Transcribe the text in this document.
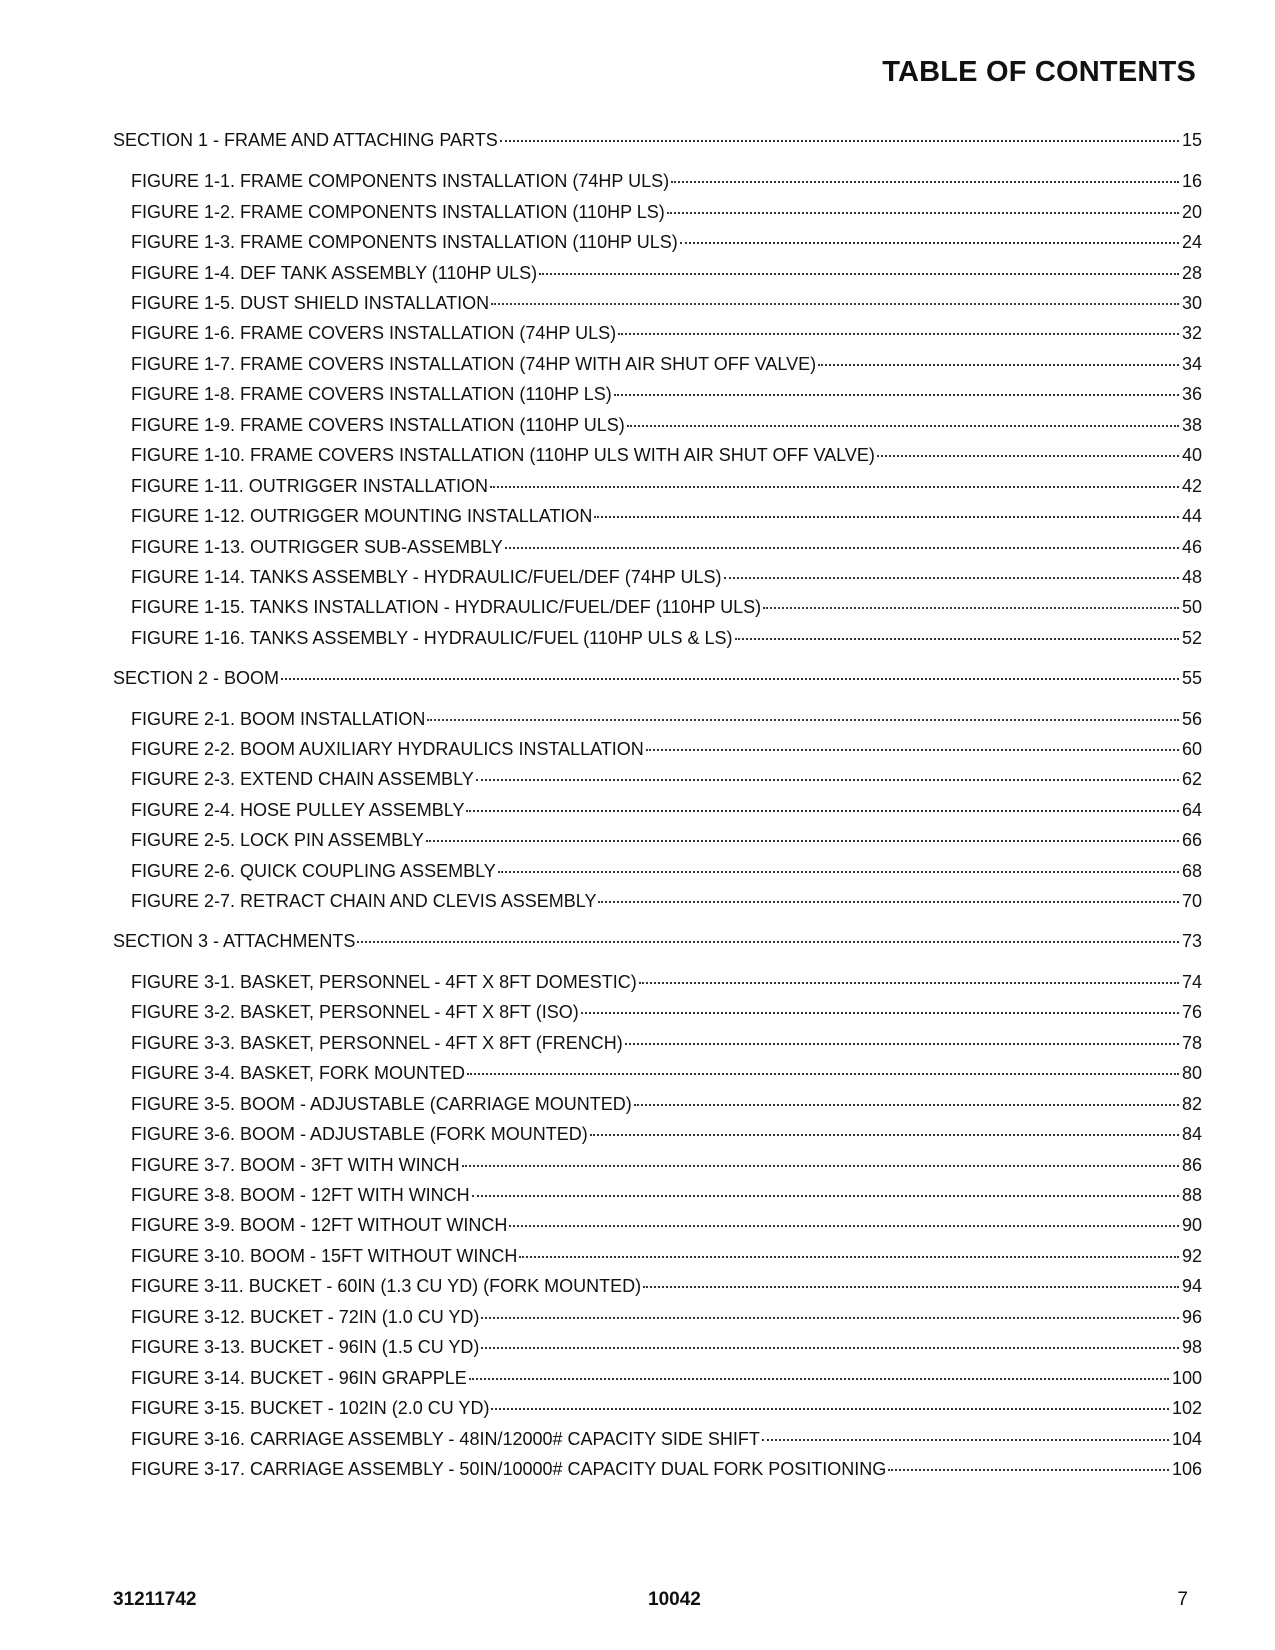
TABLE OF CONTENTS
SECTION 1 - FRAME AND ATTACHING PARTS	15
FIGURE 1-1. FRAME COMPONENTS INSTALLATION (74HP ULS)	16
FIGURE 1-2. FRAME COMPONENTS INSTALLATION (110HP LS)	20
FIGURE 1-3. FRAME COMPONENTS INSTALLATION (110HP ULS)	24
FIGURE 1-4. DEF TANK ASSEMBLY (110HP ULS)	28
FIGURE 1-5. DUST SHIELD INSTALLATION	30
FIGURE 1-6. FRAME COVERS INSTALLATION (74HP ULS)	32
FIGURE 1-7. FRAME COVERS INSTALLATION (74HP WITH AIR SHUT OFF VALVE)	34
FIGURE 1-8. FRAME COVERS INSTALLATION (110HP LS)	36
FIGURE 1-9. FRAME COVERS INSTALLATION (110HP ULS)	38
FIGURE 1-10. FRAME COVERS INSTALLATION (110HP ULS WITH AIR SHUT OFF VALVE)	40
FIGURE 1-11. OUTRIGGER INSTALLATION	42
FIGURE 1-12. OUTRIGGER MOUNTING INSTALLATION	44
FIGURE 1-13. OUTRIGGER SUB-ASSEMBLY	46
FIGURE 1-14. TANKS ASSEMBLY - HYDRAULIC/FUEL/DEF (74HP ULS)	48
FIGURE 1-15. TANKS INSTALLATION - HYDRAULIC/FUEL/DEF (110HP ULS)	50
FIGURE 1-16. TANKS ASSEMBLY - HYDRAULIC/FUEL (110HP ULS & LS)	52
SECTION 2 - BOOM	55
FIGURE 2-1. BOOM INSTALLATION	56
FIGURE 2-2. BOOM AUXILIARY HYDRAULICS INSTALLATION	60
FIGURE 2-3. EXTEND CHAIN ASSEMBLY	62
FIGURE 2-4. HOSE PULLEY ASSEMBLY	64
FIGURE 2-5. LOCK PIN ASSEMBLY	66
FIGURE 2-6. QUICK COUPLING ASSEMBLY	68
FIGURE 2-7. RETRACT CHAIN AND CLEVIS ASSEMBLY	70
SECTION 3 - ATTACHMENTS	73
FIGURE 3-1. BASKET, PERSONNEL - 4FT X 8FT DOMESTIC)	74
FIGURE 3-2. BASKET, PERSONNEL - 4FT X 8FT (ISO)	76
FIGURE 3-3. BASKET, PERSONNEL - 4FT X 8FT (FRENCH)	78
FIGURE 3-4. BASKET, FORK MOUNTED	80
FIGURE 3-5. BOOM - ADJUSTABLE (CARRIAGE MOUNTED)	82
FIGURE 3-6. BOOM - ADJUSTABLE (FORK MOUNTED)	84
FIGURE 3-7. BOOM - 3FT WITH WINCH	86
FIGURE 3-8. BOOM - 12FT WITH WINCH	88
FIGURE 3-9. BOOM - 12FT WITHOUT WINCH	90
FIGURE 3-10. BOOM - 15FT WITHOUT WINCH	92
FIGURE 3-11. BUCKET - 60IN (1.3 CU YD) (FORK MOUNTED)	94
FIGURE 3-12. BUCKET - 72IN (1.0 CU YD)	96
FIGURE 3-13. BUCKET - 96IN (1.5 CU YD)	98
FIGURE 3-14. BUCKET - 96IN GRAPPLE	100
FIGURE 3-15. BUCKET - 102IN (2.0 CU YD)	102
FIGURE 3-16. CARRIAGE ASSEMBLY - 48IN/12000# CAPACITY SIDE SHIFT	104
FIGURE 3-17. CARRIAGE ASSEMBLY - 50IN/10000# CAPACITY DUAL FORK POSITIONING	106
31211742	10042	7
